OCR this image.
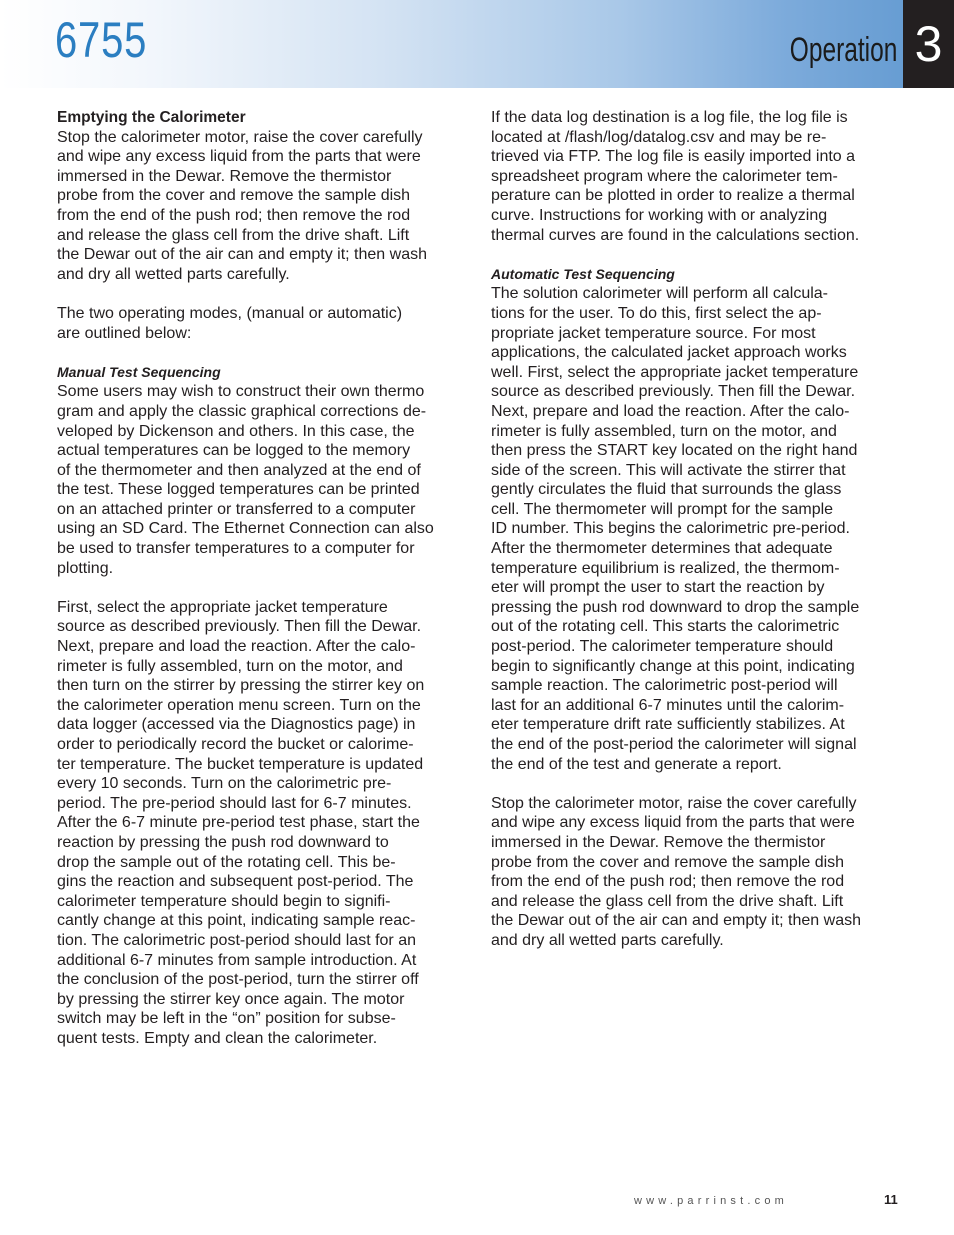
6755	Operation 3
Emptying the Calorimeter
Stop the calorimeter motor, raise the cover carefully
and wipe any excess liquid from the parts that were
immersed in the Dewar. Remove the thermistor
probe from the cover and remove the sample dish
from the end of the push rod; then remove the rod
and release the glass cell from the drive shaft. Lift
the Dewar out of the air can and empty it; then wash
and dry all wetted parts carefully.
The two operating modes, (manual or automatic)
are outlined below:
Manual Test Sequencing
Some users may wish to construct their own thermo
gram and apply the classic graphical corrections de-
veloped by Dickenson and others. In this case, the
actual temperatures can be logged to the memory
of the thermometer and then analyzed at the end of
the test. These logged temperatures can be printed
on an attached printer or transferred to a computer
using an SD Card. The Ethernet Connection can also
be used to transfer temperatures to a computer for
plotting.
First, select the appropriate jacket temperature
source as described previously. Then fill the Dewar.
Next, prepare and load the reaction. After the calo-
rimeter is fully assembled, turn on the motor, and
then turn on the stirrer by pressing the stirrer key on
the calorimeter operation menu screen. Turn on the
data logger (accessed via the Diagnostics page) in
order to periodically record the bucket or calorime-
ter temperature. The bucket temperature is updated
every 10 seconds. Turn on the calorimetric pre-
period. The pre-period should last for 6-7 minutes.
After the 6-7 minute pre-period test phase, start the
reaction by pressing the push rod downward to
drop the sample out of the rotating cell. This be-
gins the reaction and subsequent post-period. The
calorimeter temperature should begin to signifi-
cantly change at this point, indicating sample reac-
tion. The calorimetric post-period should last for an
additional 6-7 minutes from sample introduction. At
the conclusion of the post-period, turn the stirrer off
by pressing the stirrer key once again. The motor
switch may be left in the “on” position for subse-
quent tests. Empty and clean the calorimeter.
If the data log destination is a log file, the log file is
located at /flash/log/datalog.csv and may be re-
trieved via FTP. The log file is easily imported into a
spreadsheet program where the calorimeter tem-
perature can be plotted in order to realize a thermal
curve. Instructions for working with or analyzing
thermal curves are found in the calculations section.
Automatic Test Sequencing
The solution calorimeter will perform all calcula-
tions for the user. To do this, first select the ap-
propriate jacket temperature source. For most
applications, the calculated jacket approach works
well. First, select the appropriate jacket temperature
source as described previously. Then fill the Dewar.
Next, prepare and load the reaction. After the calo-
rimeter is fully assembled, turn on the motor, and
then press the START key located on the right hand
side of the screen. This will activate the stirrer that
gently circulates the fluid that surrounds the glass
cell. The thermometer will prompt for the sample
ID number. This begins the calorimetric pre-period.
After the thermometer determines that adequate
temperature equilibrium is realized, the thermom-
eter will prompt the user to start the reaction by
pressing the push rod downward to drop the sample
out of the rotating cell. This starts the calorimetric
post-period. The calorimeter temperature should
begin to significantly change at this point, indicating
sample reaction. The calorimetric post-period will
last for an additional 6-7 minutes until the calorim-
eter temperature drift rate sufficiently stabilizes. At
the end of the post-period the calorimeter will signal
the end of the test and generate a report.
Stop the calorimeter motor, raise the cover carefully
and wipe any excess liquid from the parts that were
immersed in the Dewar. Remove the thermistor
probe from the cover and remove the sample dish
from the end of the push rod; then remove the rod
and release the glass cell from the drive shaft. Lift
the Dewar out of the air can and empty it; then wash
and dry all wetted parts carefully.
www.parrinst.com	11
